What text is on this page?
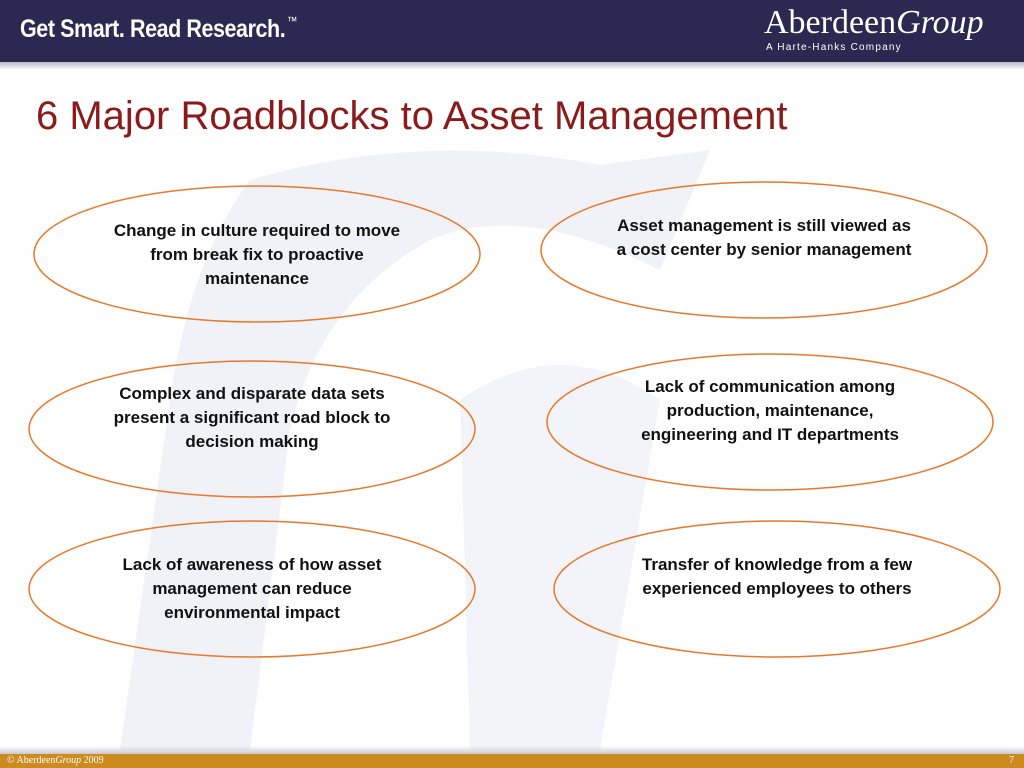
Get Smart. Read Research. ™	AberdeenGroup
A Harte-Hanks Company
6 Major Roadblocks to Asset Management
Change in culture required to move from break fix to proactive maintenance
Asset management is still viewed as a cost center by senior management
Complex and disparate data sets present a significant road block to decision making
Lack of communication among production, maintenance, engineering and IT departments
Lack of awareness of how asset management can reduce environmental impact
Transfer of knowledge from a few experienced employees to others
© AberdeenGroup 2009	7
